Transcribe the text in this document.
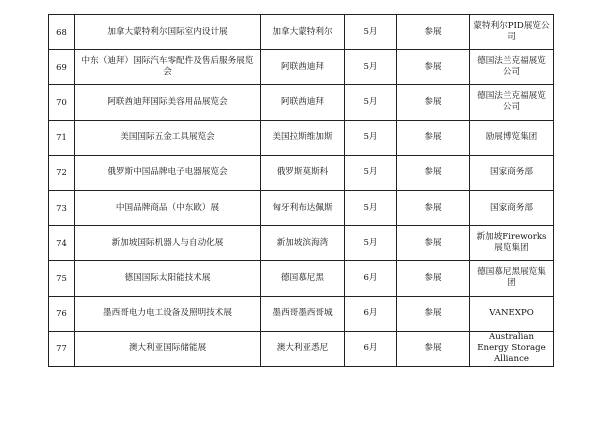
68	加拿大蒙特利尔国际室内设计展	加拿大蒙特利尔	5月	参展	蒙特利尔PID展览公司
69	中东（迪拜）国际汽车零配件及售后服务展览会	阿联酋迪拜	5月	参展	德国法兰克福展览公司
70	阿联酋迪拜国际美容用品展览会	阿联酋迪拜	5月	参展	德国法兰克福展览公司
71	美国国际五金工具展览会	美国拉斯维加斯	5月	参展	励展博览集团
72	俄罗斯中国品牌电子电器展览会	俄罗斯莫斯科	5月	参展	国家商务部
73	中国品牌商品（中东欧）展	匈牙利布达佩斯	5月	参展	国家商务部
74	新加坡国际机器人与自动化展	新加坡滨海湾	5月	参展	新加坡Fireworks展览集团
75	德国国际太阳能技术展	德国慕尼黑	6月	参展	德国慕尼黑展览集团
76	墨西哥电力电工设备及照明技术展	墨西哥墨西哥城	6月	参展	VANEXPO
77	澳大利亚国际储能展	澳大利亚悉尼	6月	参展	Australian Energy Storage Alliance
